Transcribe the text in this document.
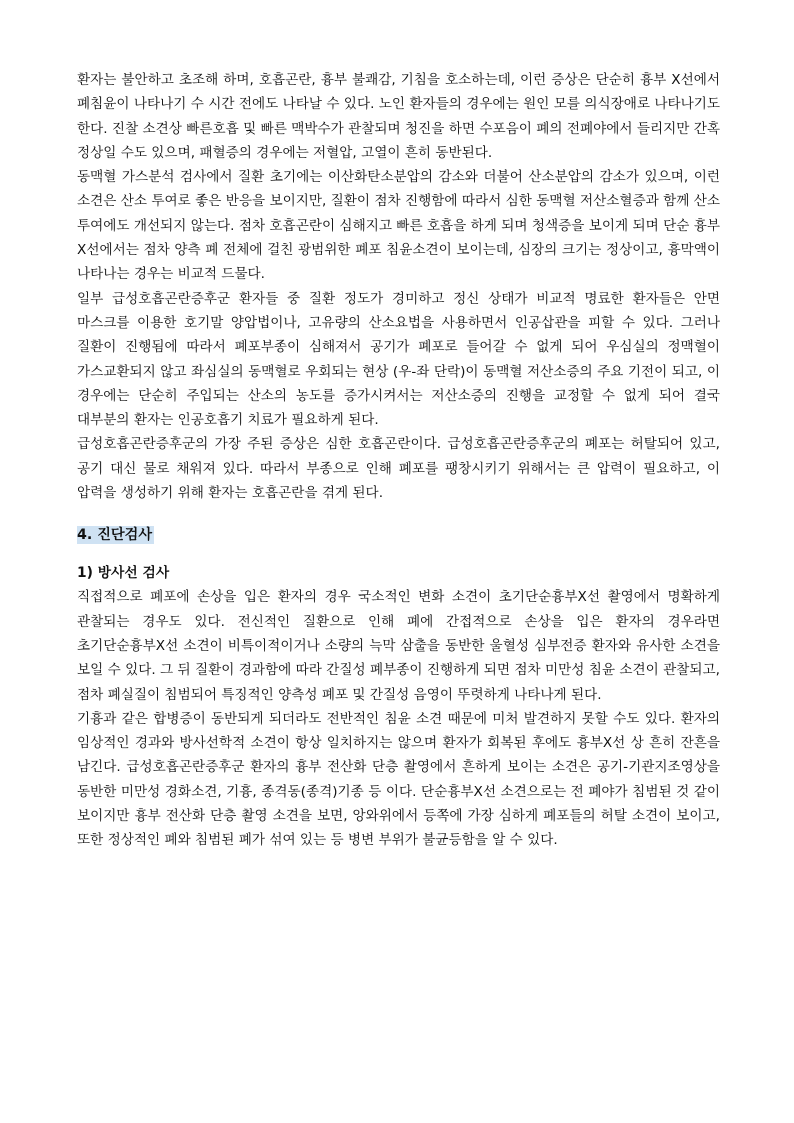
환자는 불안하고 초조해 하며, 호흡곤란, 흉부 불쾌감, 기침을 호소하는데, 이런 증상은 단순히 흉부 X선에서 폐침윤이 나타나기 수 시간 전에도 나타날 수 있다. 노인 환자들의 경우에는 원인 모를 의식장애로 나타나기도 한다. 진찰 소견상 빠른호흡 및 빠른 맥박수가 관찰되며 청진을 하면 수포음이 폐의 전폐야에서 들리지만 간혹 정상일 수도 있으며, 패혈증의 경우에는 저혈압, 고열이 흔히 동반된다.

동맥혈 가스분석 검사에서 질환 초기에는 이산화탄소분압의 감소와 더불어 산소분압의 감소가 있으며, 이런 소견은 산소 투여로 좋은 반응을 보이지만, 질환이 점차 진행함에 따라서 심한 동맥혈 저산소혈증과 함께 산소 투여에도 개선되지 않는다. 점차 호흡곤란이 심해지고 빠른 호흡을 하게 되며 청색증을 보이게 되며 단순 흉부 X선에서는 점차 양측 폐 전체에 걸친 광범위한 폐포 침윤소견이 보이는데, 심장의 크기는 정상이고, 흉막액이 나타나는 경우는 비교적 드물다.

일부 급성호흡곤란증후군 환자들 중 질환 정도가 경미하고 정신 상태가 비교적 명료한 환자들은 안면 마스크를 이용한 호기말 양압법이나, 고유량의 산소요법을 사용하면서 인공삽관을 피할 수 있다. 그러나 질환이 진행됨에 따라서 폐포부종이 심해져서 공기가 폐포로 들어갈 수 없게 되어 우심실의 정맥혈이 가스교환되지 않고 좌심실의 동맥혈로 우회되는 현상 (우-좌 단락)이 동맥혈 저산소증의 주요 기전이 되고, 이 경우에는 단순히 주입되는 산소의 농도를 증가시켜서는 저산소증의 진행을 교정할 수 없게 되어 결국 대부분의 환자는 인공호흡기 치료가 필요하게 된다.

급성호흡곤란증후군의 가장 주된 증상은 심한 호흡곤란이다. 급성호흡곤란증후군의 폐포는 허탈되어 있고, 공기 대신 물로 채워져 있다. 따라서 부종으로 인해 폐포를 팽창시키기 위해서는 큰 압력이 필요하고, 이 압력을 생성하기 위해 환자는 호흡곤란을 겪게 된다.

4. 진단검사
1) 방사선 검사

직접적으로 폐포에 손상을 입은 환자의 경우 국소적인 변화 소견이 초기단순흉부X선 촬영에서 명확하게 관찰되는 경우도 있다. 전신적인 질환으로 인해 폐에 간접적으로 손상을 입은 환자의 경우라면 초기단순흉부X선 소견이 비특이적이거나 소량의 늑막 삼출을 동반한 울혈성 심부전증 환자와 유사한 소견을 보일 수 있다. 그 뒤 질환이 경과함에 따라 간질성 폐부종이 진행하게 되면 점차 미만성 침윤 소견이 관찰되고, 점차 폐실질이 침범되어 특징적인 양측성 폐포 및 간질성 음영이 뚜렷하게 나타나게 된다.

기흉과 같은 합병증이 동반되게 되더라도 전반적인 침윤 소견 때문에 미처 발견하지 못할 수도 있다. 환자의 임상적인 경과와 방사선학적 소견이 항상 일치하지는 않으며 환자가 회복된 후에도 흉부X선 상 흔히 잔흔을 남긴다. 급성호흡곤란증후군 환자의 흉부 전산화 단층 촬영에서 흔하게 보이는 소견은 공기-기관지조영상을 동반한 미만성 경화소견, 기흉, 종격동(종격)기종 등 이다. 단순흉부X선 소견으로는 전 폐야가 침범된 것 같이 보이지만 흉부 전산화 단층 촬영 소견을 보면, 앙와위에서 등쪽에 가장 심하게 폐포들의 허탈 소견이 보이고, 또한 정상적인 폐와 침범된 폐가 섞여 있는 등 병변 부위가 불균등함을 알 수 있다.
